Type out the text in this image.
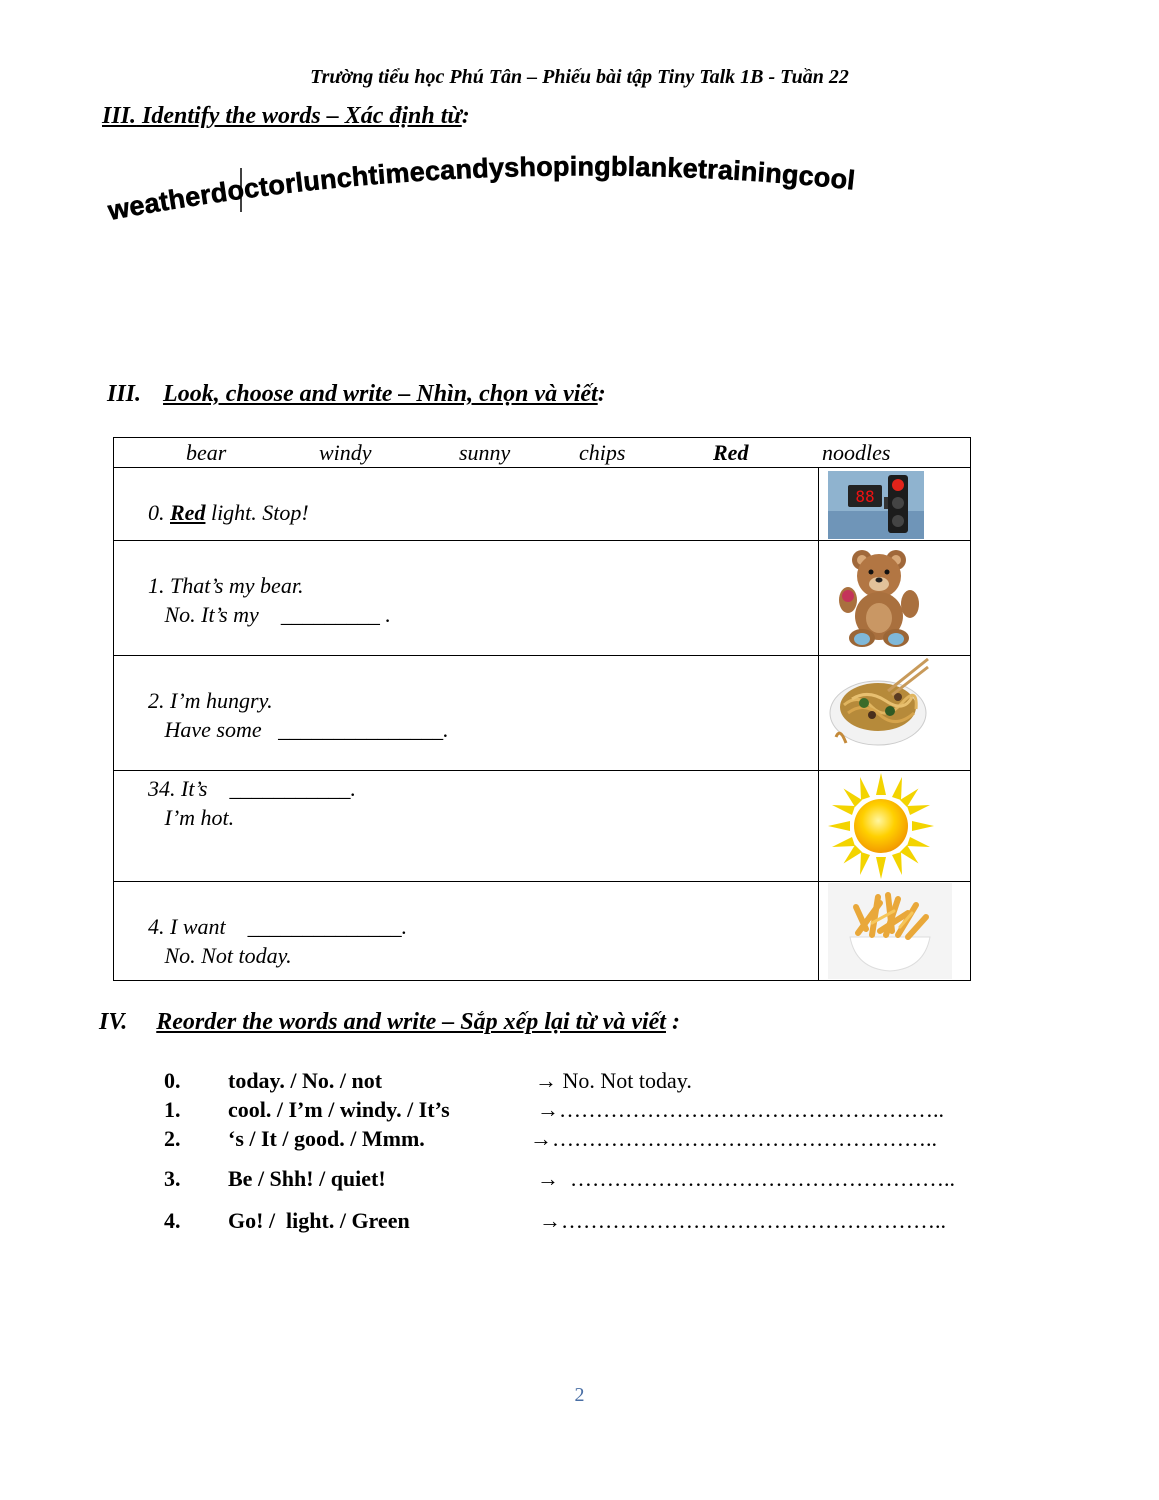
Trường tiểu học Phú Tân – Phiếu bài tập Tiny Talk 1B - Tuần 22
III. Identify the words – Xác định từ:
weatherdoctorlunchtimecandyshopingblanketrainingcool
III. Look, choose and write – Nhìn, chọn và viết:
bear	windy	sunny	chips	Red	noodles
0. Red light. Stop!
88
1. That’s my bear.
No. It’s my    _________ .
2. I’m hungry.
Have some   _______________.
34. It’s    ___________.
I’m hot.
4. I want    ______________.
No. Not today.
IV. Reorder the words and write – Sắp xếp lại từ và viết :
0. today. / No. / not	→ No. Not today.
1. cool. / I’m / windy. / It’s	→……………………………………………..
2. ‘s / It / good. / Mmm.	→……………………………………………..
3. Be / Shh! / quiet!	→  ……………………………………………..
4. Go! /  light. / Green	→……………………………………………..
2
